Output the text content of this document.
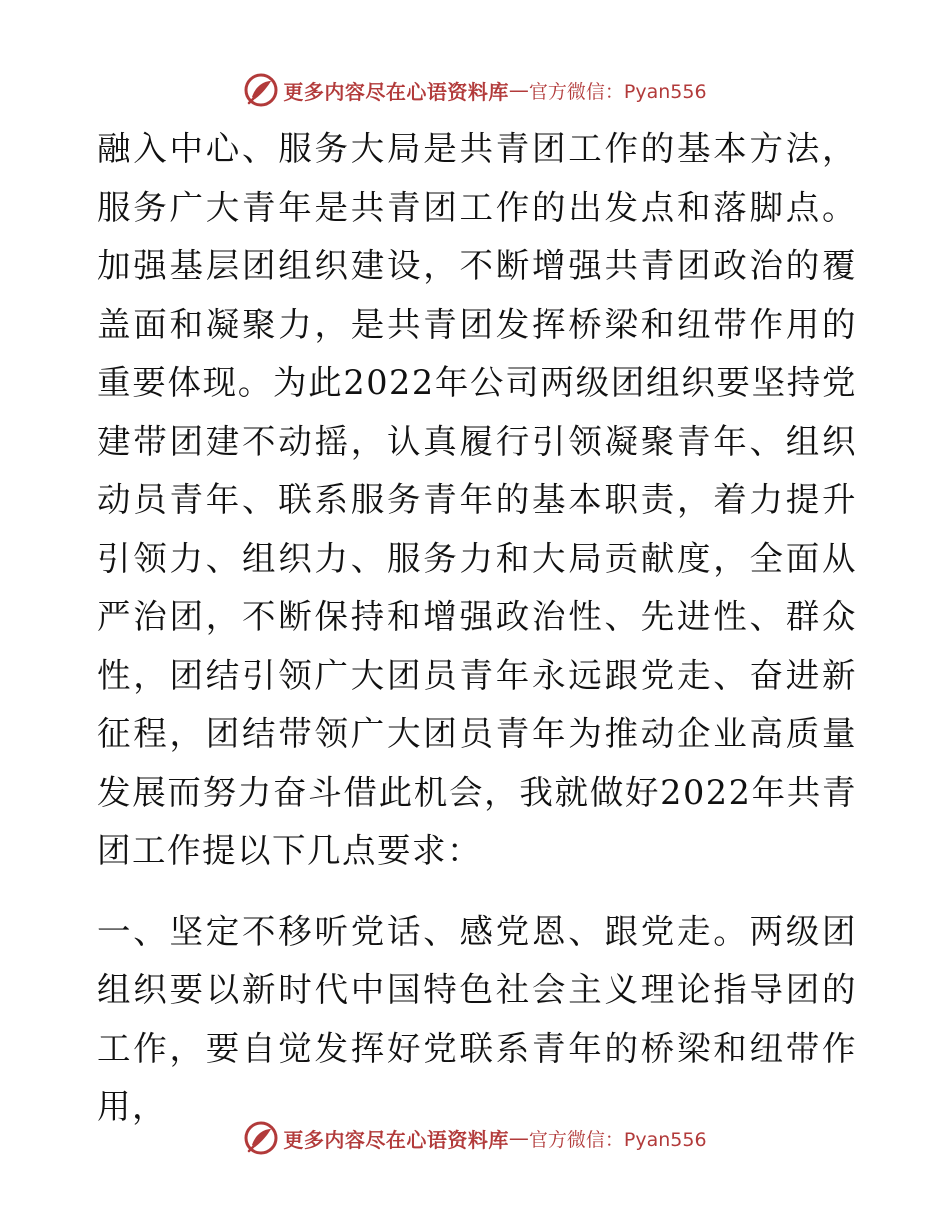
更多内容尽在心语资料库 — 官方微信：Pyan556

融入中心、服务大局是共青团工作的基本方法，服务广大青年是共青团工作的出发点和落脚点。加强基层团组织建设，不断增强共青团政治的覆盖面和凝聚力，是共青团发挥桥梁和纽带作用的重要体现。为此2022年公司两级团组织要坚持党建带团建不动摇，认真履行引领凝聚青年、组织动员青年、联系服务青年的基本职责，着力提升引领力、组织力、服务力和大局贡献度，全面从严治团，不断保持和增强政治性、先进性、群众性，团结引领广大团员青年永远跟党走、奋进新征程，团结带领广大团员青年为推动企业高质量发展而努力奋斗借此机会，我就做好2022年共青团工作提以下几点要求：

一、坚定不移听党话、感党恩、跟党走。两级团组织要以新时代中国特色社会主义理论指导团的工作，要自觉发挥好党联系青年的桥梁和纽带作用，

更多内容尽在心语资料库 — 官方微信：Pyan556
